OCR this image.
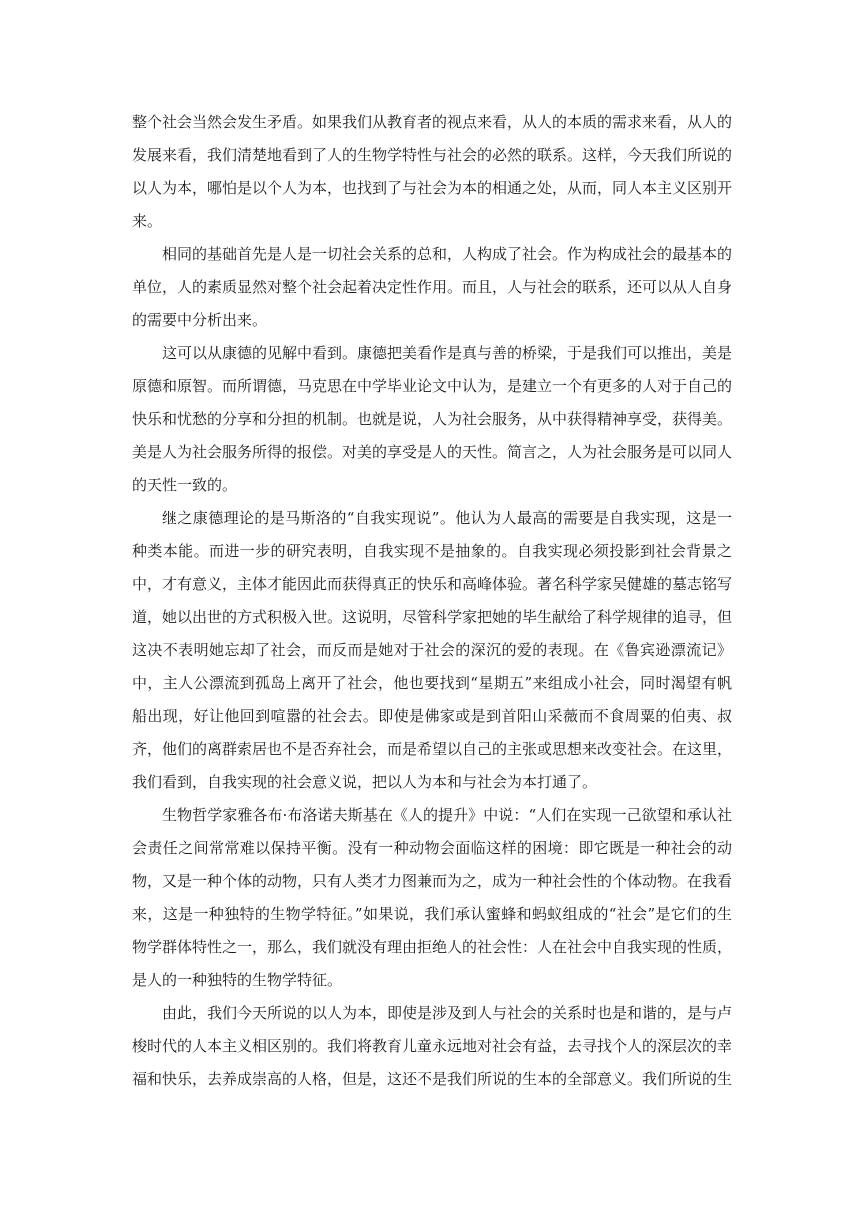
整个社会当然会发生矛盾。如果我们从教育者的视点来看，从人的本质的需求来看，从人的发展来看，我们清楚地看到了人的生物学特性与社会的必然的联系。这样，今天我们所说的以人为本，哪怕是以个人为本，也找到了与社会为本的相通之处，从而，同人本主义区别开来。

相同的基础首先是人是一切社会关系的总和，人构成了社会。作为构成社会的最基本的单位，人的素质显然对整个社会起着决定性作用。而且，人与社会的联系，还可以从人自身的需要中分析出来。

这可以从康德的见解中看到。康德把美看作是真与善的桥梁，于是我们可以推出，美是原德和原智。而所谓德，马克思在中学毕业论文中认为，是建立一个有更多的人对于自己的快乐和忧愁的分享和分担的机制。也就是说，人为社会服务，从中获得精神享受，获得美。美是人为社会服务所得的报偿。对美的享受是人的天性。简言之，人为社会服务是可以同人的天性一致的。

继之康德理论的是马斯洛的“自我实现说”。他认为人最高的需要是自我实现，这是一种类本能。而进一步的研究表明，自我实现不是抽象的。自我实现必须投影到社会背景之中，才有意义，主体才能因此而获得真正的快乐和高峰体验。著名科学家吴健雄的墓志铭写道，她以出世的方式积极入世。这说明，尽管科学家把她的毕生献给了科学规律的追寻，但这决不表明她忘却了社会，而反而是她对于社会的深沉的爱的表现。在《鲁宾逊漂流记》中，主人公漂流到孤岛上离开了社会，他也要找到“星期五”来组成小社会，同时渴望有帆船出现，好让他回到喧嚣的社会去。即使是佛家或是到首阳山采薇而不食周粟的伯夷、叔齐，他们的离群索居也不是否弃社会，而是希望以自己的主张或思想来改变社会。在这里，我们看到，自我实现的社会意义说，把以人为本和与社会为本打通了。

生物哲学家雅各布·布洛诺夫斯基在《人的提升》中说：“人们在实现一己欲望和承认社会责任之间常常难以保持平衡。没有一种动物会面临这样的困境：即它既是一种社会的动物，又是一种个体的动物，只有人类才力图兼而为之，成为一种社会性的个体动物。在我看来，这是一种独特的生物学特征。”如果说，我们承认蜜蜂和蚂蚁组成的“社会”是它们的生物学群体特性之一，那么，我们就没有理由拒绝人的社会性：人在社会中自我实现的性质，是人的一种独特的生物学特征。

由此，我们今天所说的以人为本，即使是涉及到人与社会的关系时也是和谐的，是与卢梭时代的人本主义相区别的。我们将教育儿童永远地对社会有益，去寻找个人的深层次的幸福和快乐，去养成崇高的人格，但是，这还不是我们所说的生本的全部意义。我们所说的生
